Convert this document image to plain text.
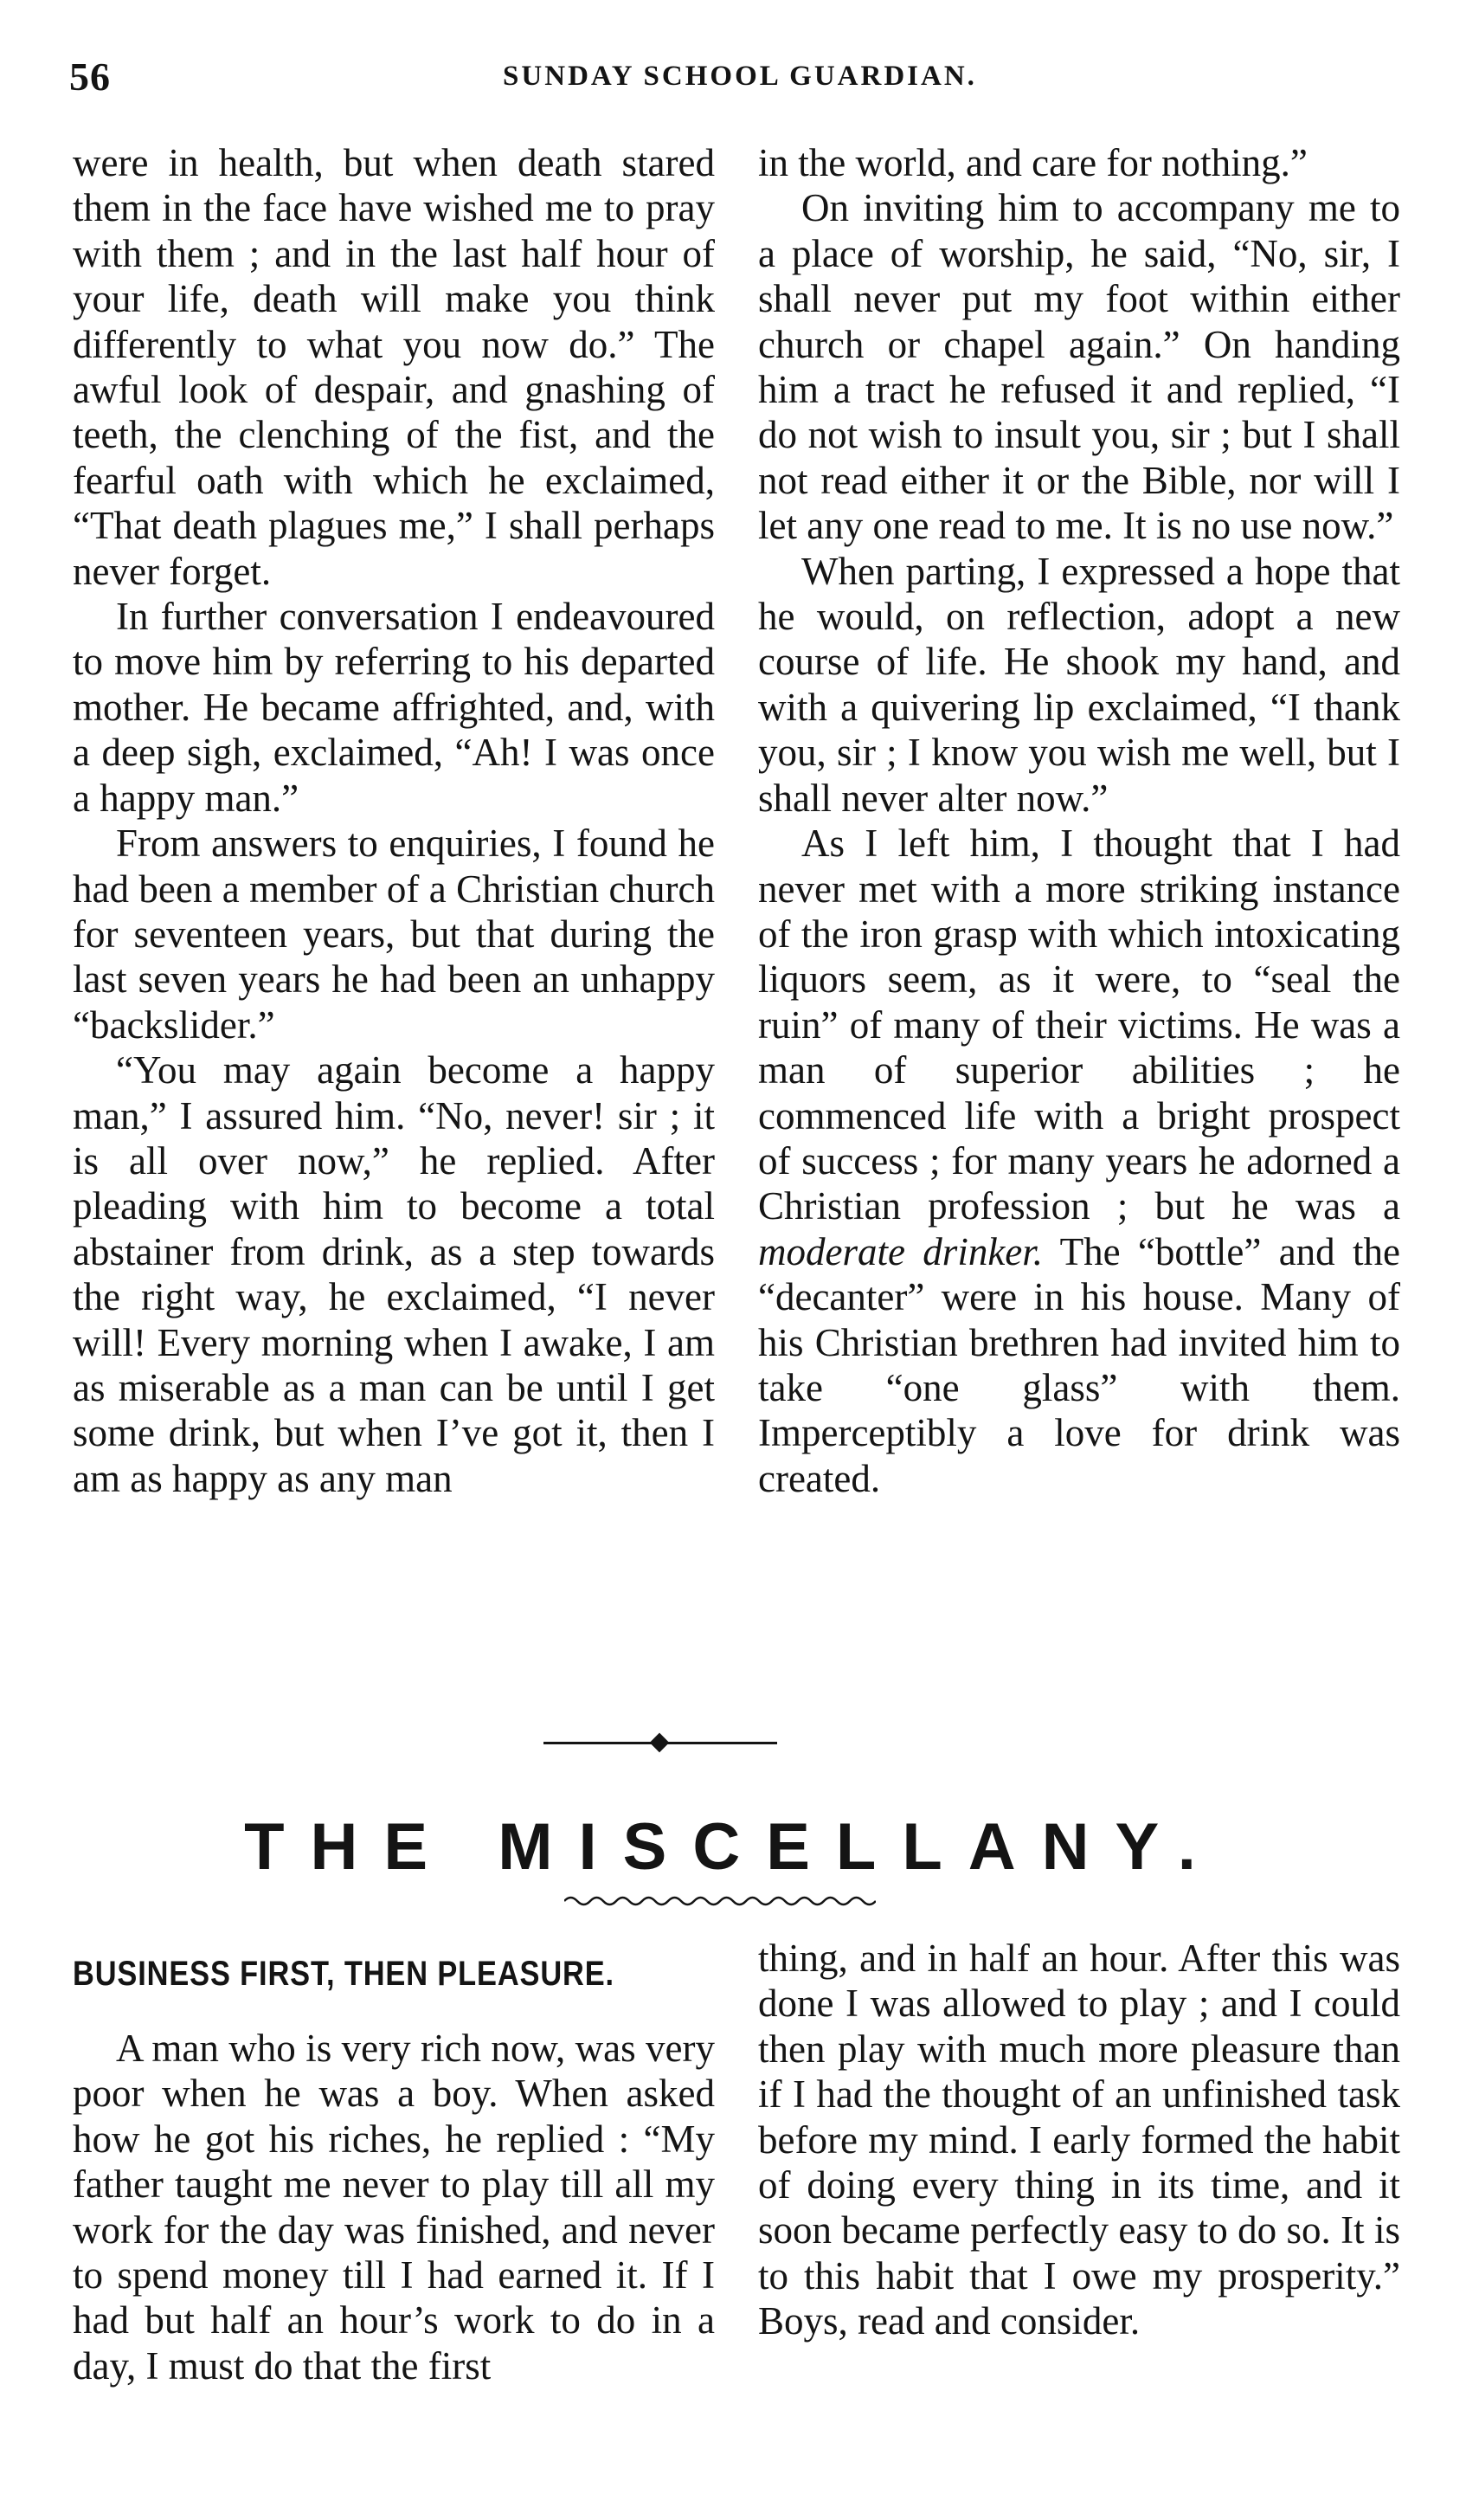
56	SUNDAY SCHOOL GUARDIAN.

were in health, but when death stared them in the face have wished me to pray with them ; and in the last half hour of your life, death will make you think differently to what you now do.” The awful look of despair, and gnashing of teeth, the clenching of the fist, and the fearful oath with which he exclaimed, “That death plagues me,” I shall perhaps never forget.

In further conversation I endeavoured to move him by referring to his departed mother. He became affrighted, and, with a deep sigh, exclaimed, “Ah! I was once a happy man.”

From answers to enquiries, I found he had been a member of a Christian church for seventeen years, but that during the last seven years he had been an unhappy “backslider.”

“You may again become a happy man,” I assured him. “No, never! sir ; it is all over now,” he replied. After pleading with him to become a total abstainer from drink, as a step towards the right way, he exclaimed, “I never will! Every morning when I awake, I am as miserable as a man can be until I get some drink, but when I’ve got it, then I am as happy as any man

in the world, and care for nothing.”

On inviting him to accompany me to a place of worship, he said, “No, sir, I shall never put my foot within either church or chapel again.” On handing him a tract he refused it and replied, “I do not wish to insult you, sir ; but I shall not read either it or the Bible, nor will I let any one read to me. It is no use now.”

When parting, I expressed a hope that he would, on reflection, adopt a new course of life. He shook my hand, and with a quivering lip exclaimed, “I thank you, sir ; I know you wish me well, but I shall never alter now.”

As I left him, I thought that I had never met with a more striking instance of the iron grasp with which intoxicating liquors seem, as it were, to “seal the ruin” of many of their victims. He was a man of superior abilities ; he commenced life with a bright prospect of success ; for many years he adorned a Christian profession ; but he was a moderate drinker. The “bottle” and the “decanter” were in his house. Many of his Christian brethren had invited him to take “one glass” with them. Imperceptibly a love for drink was created.

THE MISCELLANY.
BUSINESS FIRST, THEN PLEASURE.

A man who is very rich now, was very poor when he was a boy. When asked how he got his riches, he replied : “My father taught me never to play till all my work for the day was finished, and never to spend money till I had earned it. If I had but half an hour’s work to do in a day, I must do that the first

thing, and in half an hour. After this was done I was allowed to play ; and I could then play with much more pleasure than if I had the thought of an unfinished task before my mind. I early formed the habit of doing every thing in its time, and it soon became perfectly easy to do so. It is to this habit that I owe my prosperity.” Boys, read and consider.
